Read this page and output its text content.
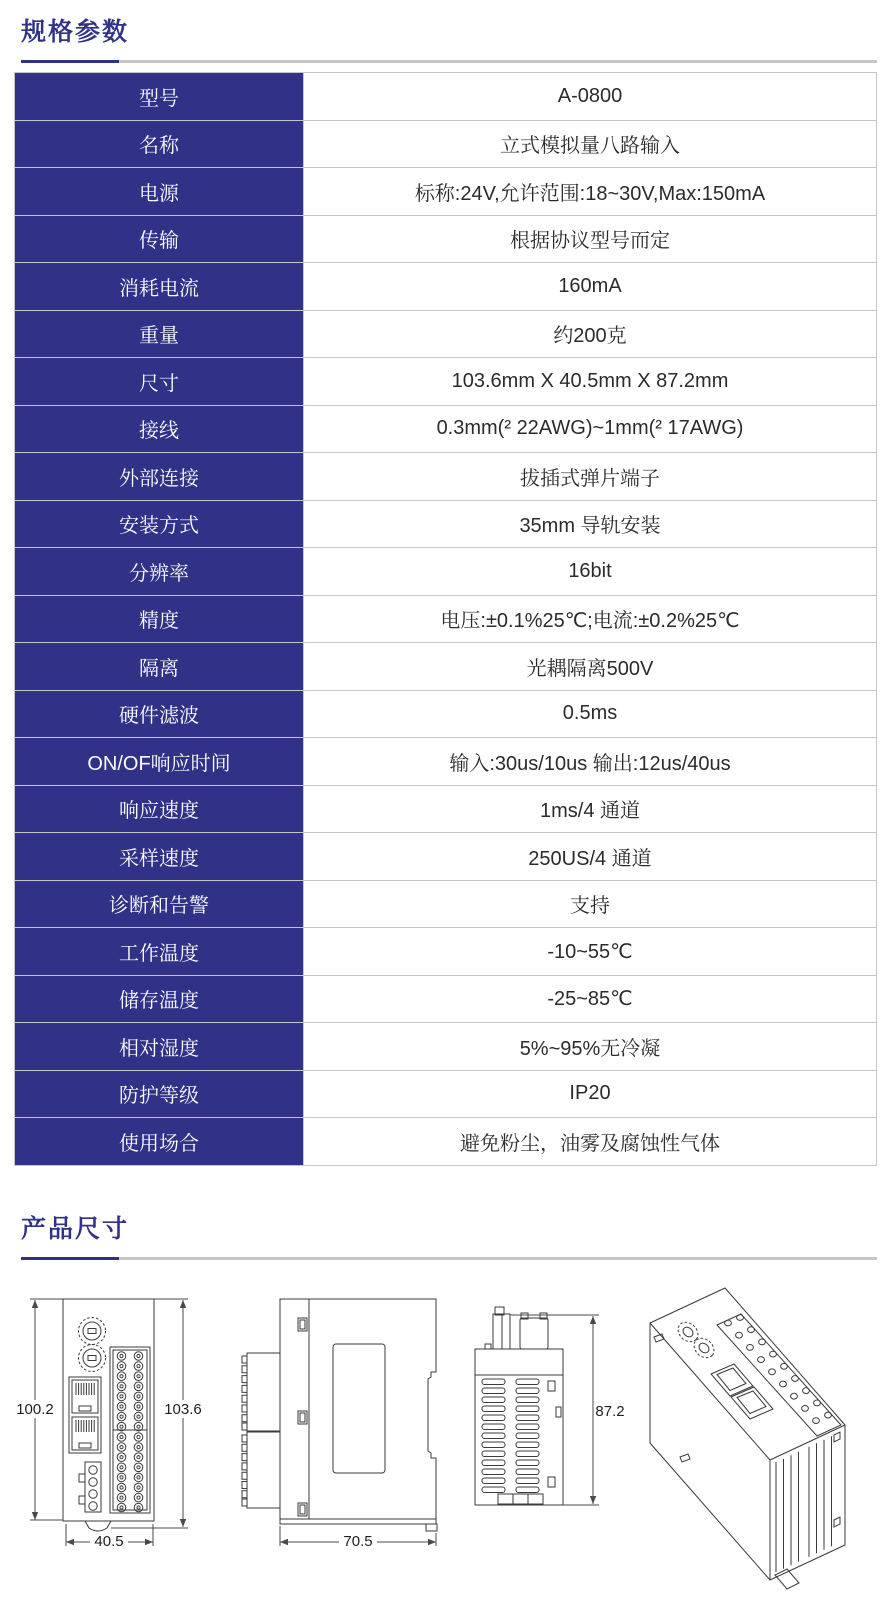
规格参数
型号	A-0800
名称	立式模拟量八路输入
电源	标称:24V,允许范围:18~30V,Max:150mA
传输	根据协议型号而定
消耗电流	160mA
重量	约200克
尺寸	103.6mm X 40.5mm X 87.2mm
接线	0.3mm(² 22AWG)~1mm(² 17AWG)
外部连接	拔插式弹片端子
安装方式	35mm 导轨安装
分辨率	16bit
精度	电压:±0.1%25℃;电流:±0.2%25℃
隔离	光耦隔离500V
硬件滤波	0.5ms
ON/OF响应时间	输入:30us/10us 输出:12us/40us
响应速度	1ms/4 通道
采样速度	250US/4 通道
诊断和告警	支持
工作温度	-10~55℃
储存温度	-25~85℃
相对湿度	5%~95%无冷凝
防护等级	IP20
使用场合	避免粉尘，油雾及腐蚀性气体
产品尺寸
100.2	103.6
40.5	70.5
87.2
